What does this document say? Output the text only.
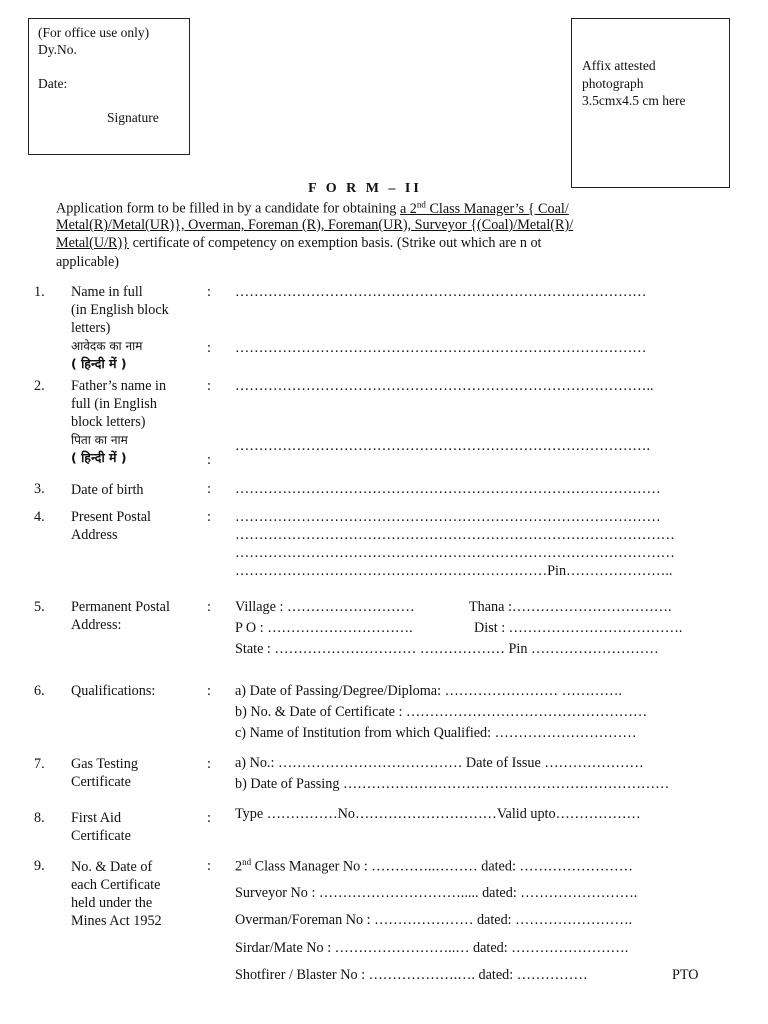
(For office use only)
Dy.No.
Date:
Signature
Affix attested
photograph
3.5cmx4.5 cm here
F O R M – II
Application form to be filled in by a candidate for obtaining a 2nd Class Manager’s { Coal/
Metal(R)/Metal(UR)}, Overman, Foreman (R), Foreman(UR), Surveyor {(Coal)/Metal(R)/
Metal(U/R)} certificate of competency on exemption basis. (Strike out which are n ot
applicable)
1. Name in full
(in English block
letters)
आवेदक का नाम
( हिन्दी में )
: ……………………………………………………………………………
: ……………………………………………………………………………
2. Father’s name in
full (in English
block letters)
पिता का नाम
( हिन्दी में )
: ……………………………………………………………………………..
…………………………………………………………………………….
:
3. Date of birth	: ………………………………………………………………………………
4. Present Postal
Address
: ………………………………………………………………………………
…………………………………………………………………………………
…………………………………………………………………………………
…………………………………………………………Pin…………………..
5. Permanent Postal
Address:
: Village : ………………………	Thana :…………………………….
P O : ………………………….	Dist : ……………………………….
State : ………………………… ……………… Pin ………………………
6. Qualifications:	: a) Date of Passing/Degree/Diploma: …………………… ………….
b) No. & Date of Certificate : ……………………………………………
c) Name of Institution from which Qualified: …………………………
7. Gas Testing
Certificate
: a) No.: ………………………………… Date of Issue …………………
b) Date of Passing ……………………………………………………………
8. First Aid
Certificate
: Type ……………No…………………………Valid upto………………
9. No. & Date of
each Certificate
held under the
Mines Act 1952
: 2nd Class Manager No : …………..……… dated: ……………………
Surveyor No : …………………………..... dated: …………………….
Overman/Foreman No : ………………… dated: …………………….
Sirdar/Mate No : ……………………..… dated: …………………….
Shotfirer / Blaster No : ……………….…. dated: ……………	PTO
